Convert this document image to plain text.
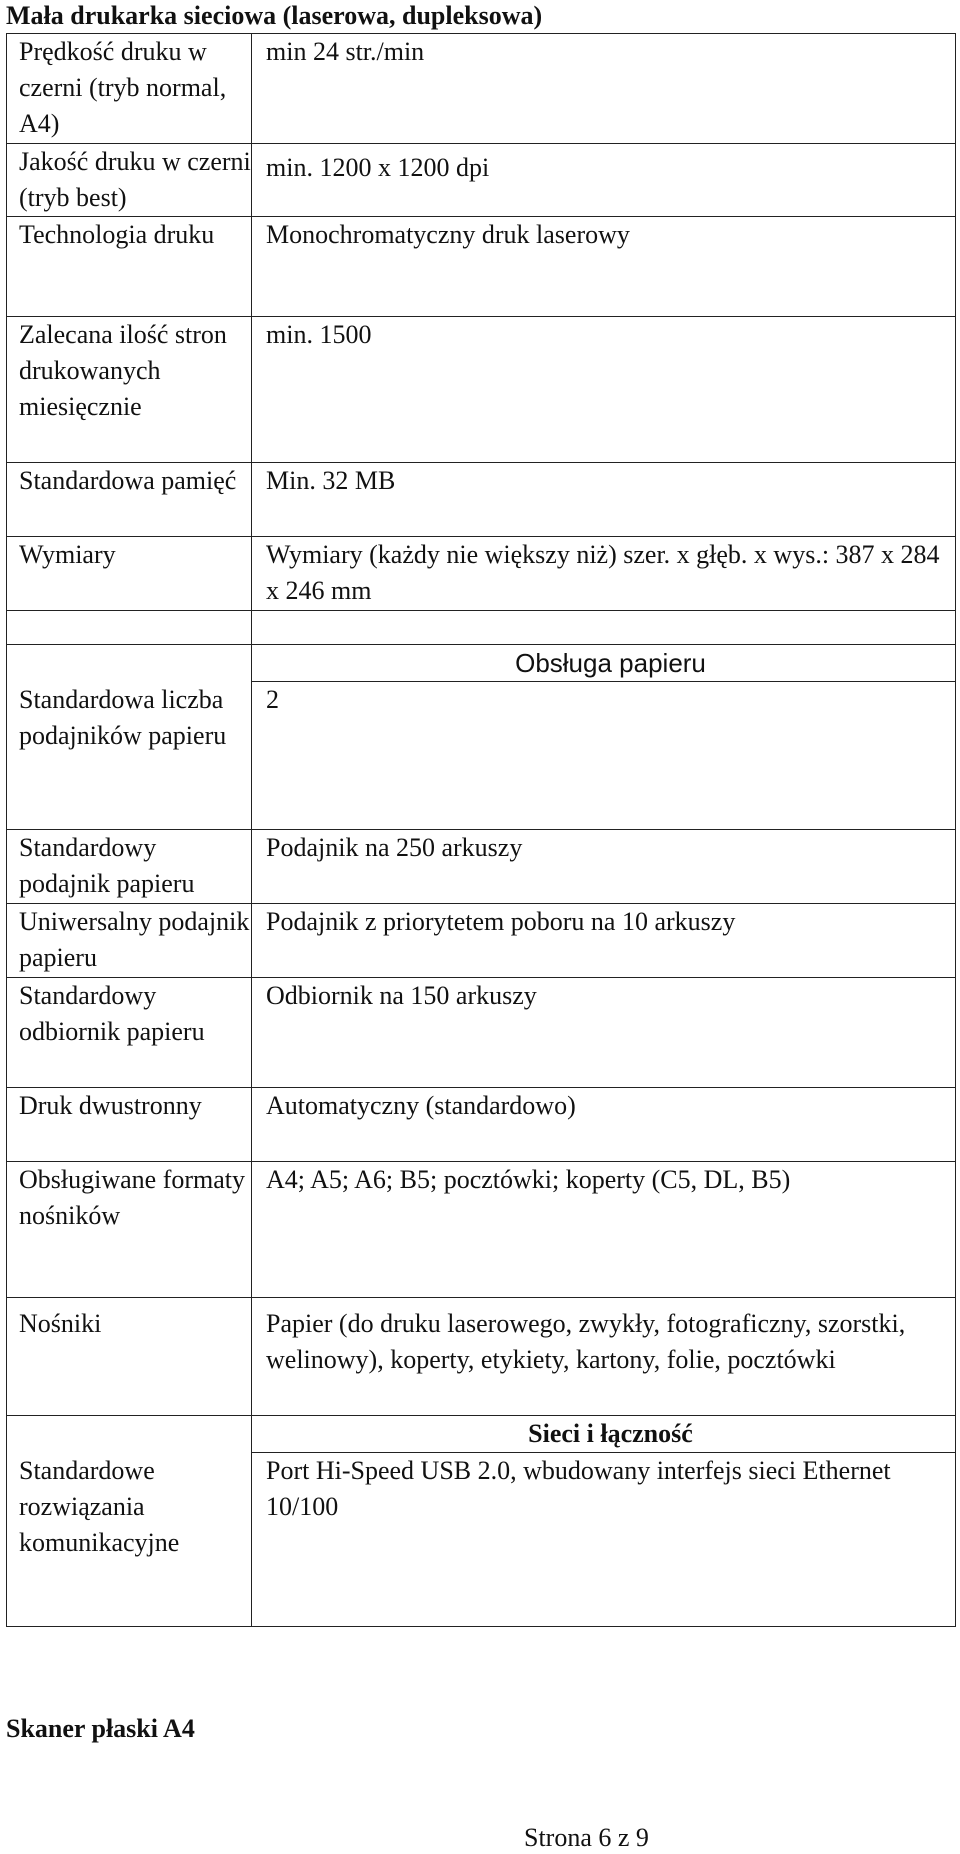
Mała drukarka sieciowa (laserowa, dupleksowa)
Prędkość druku w czerni (tryb normal, A4)	min 24 str./min
Jakość druku w czerni (tryb best)	min. 1200 x 1200 dpi
Technologia druku	Monochromatyczny druk laserowy
Zalecana ilość stron drukowanych miesięcznie	min. 1500
Standardowa pamięć	Min. 32 MB
Wymiary	Wymiary (każdy nie większy niż) szer. x głęb. x wys.: 387 x 284 x 246 mm

	Obsługa papieru
Standardowa liczba podajników papieru	2
Standardowy podajnik papieru	Podajnik na 250 arkuszy
Uniwersalny podajnik papieru	Podajnik z priorytetem poboru na 10 arkuszy
Standardowy odbiornik papieru	Odbiornik na 150 arkuszy
Druk dwustronny	Automatyczny (standardowo)
Obsługiwane formaty nośników	A4; A5; A6; B5; pocztówki; koperty (C5, DL, B5)
Nośniki	Papier (do druku laserowego, zwykły, fotograficzny, szorstki, welinowy), koperty, etykiety, kartony, folie, pocztówki
	Sieci i łączność
Standardowe rozwiązania komunikacyjne	Port Hi-Speed USB 2.0, wbudowany interfejs sieci Ethernet 10/100
Skaner płaski A4
Strona 6 z 9
